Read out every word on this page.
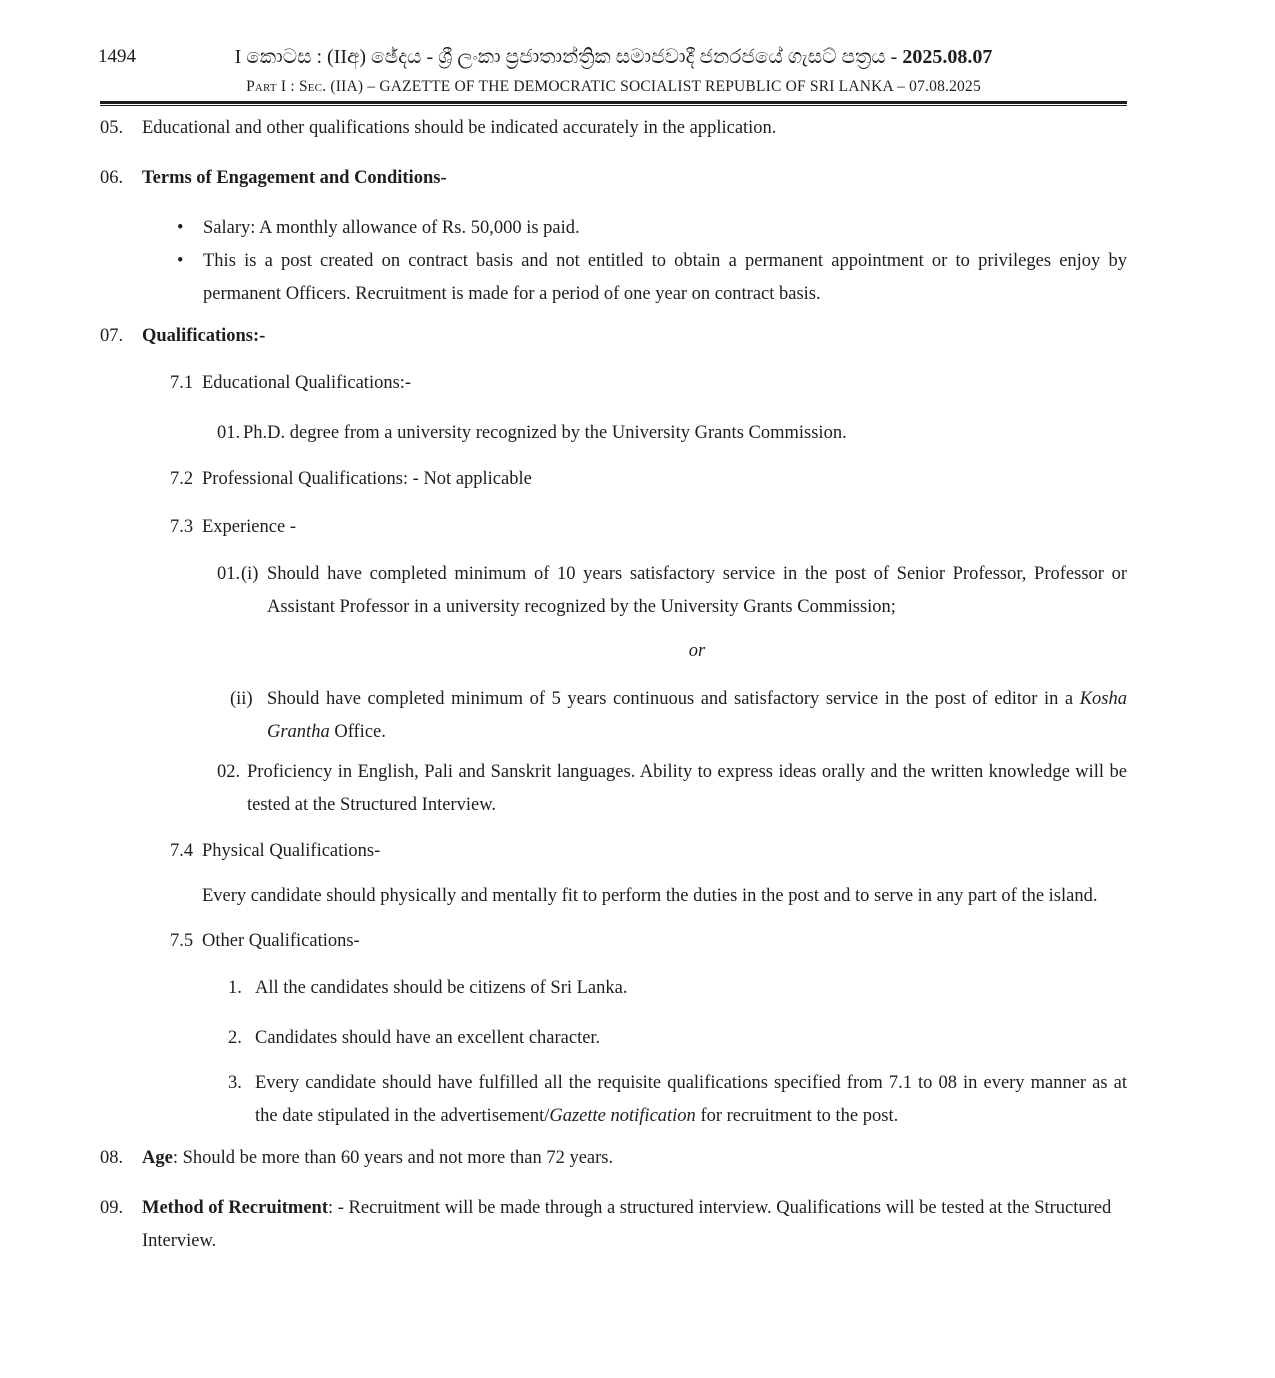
1494	I කොටස : (IIඅ) ඡේදය - ශ්‍රී ලංකා ප්‍රජාතාන්ත්‍රික සමාජවාදී ජනරජයේ ගැසට් පත්‍රය - 2025.08.07
Part I : Sec. (IIA) – GAZETTE OF THE DEMOCRATIC SOCIALIST REPUBLIC OF SRI LANKA – 07.08.2025
05. Educational and other qualifications should be indicated accurately in the application.
06. Terms of Engagement and Conditions-
• Salary: A monthly allowance of Rs. 50,000 is paid.
• This is a post created on contract basis and not entitled to obtain a permanent appointment or to privileges enjoy by permanent Officers. Recruitment is made for a period of one year on contract basis.
07. Qualifications:-
7.1 Educational Qualifications:-
01. Ph.D. degree from a university recognized by the University Grants Commission.
7.2 Professional Qualifications: - Not applicable
7.3 Experience -
01. (i) Should have completed minimum of 10 years satisfactory service in the post of Senior Professor, Professor or Assistant Professor in a university recognized by the University Grants Commission;
or
(ii) Should have completed minimum of 5 years continuous and satisfactory service in the post of editor in a Kosha Grantha Office.
02. Proficiency in English, Pali and Sanskrit languages. Ability to express ideas orally and the written knowledge will be tested at the Structured Interview.
7.4 Physical Qualifications-
Every candidate should physically and mentally fit to perform the duties in the post and to serve in any part of the island.
7.5 Other Qualifications-
1. All the candidates should be citizens of Sri Lanka.
2. Candidates should have an excellent character.
3. Every candidate should have fulfilled all the requisite qualifications specified from 7.1 to 08 in every manner as at the date stipulated in the advertisement/Gazette notification for recruitment to the post.
08. Age: Should be more than 60 years and not more than 72 years.
09. Method of Recruitment: - Recruitment will be made through a structured interview. Qualifications will be tested at the Structured Interview.
